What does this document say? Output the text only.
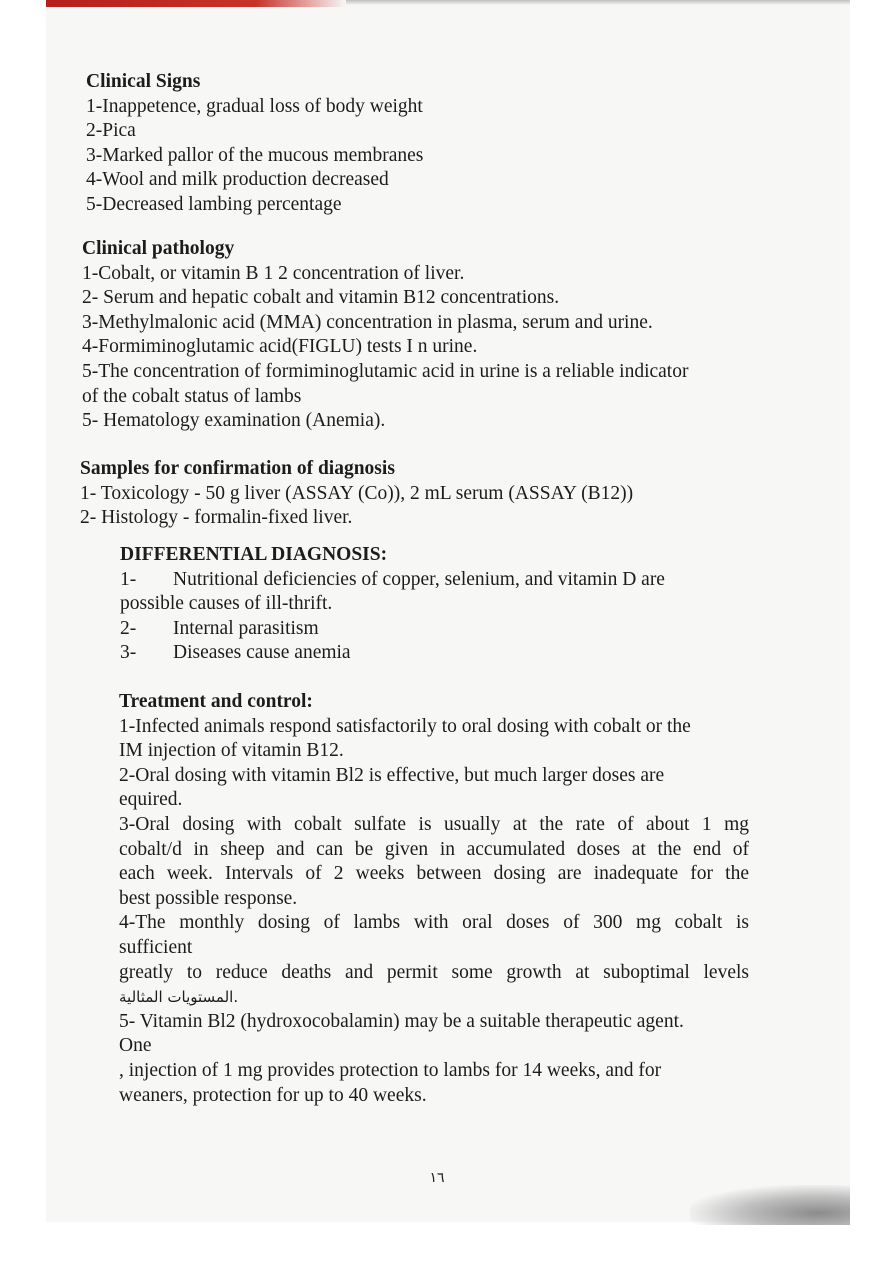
Clinical Signs
1-Inappetence, gradual loss of body weight
2-Pica
3-Marked pallor of the mucous membranes
4-Wool and milk production decreased
5-Decreased lambing percentage
Clinical pathology
1-Cobalt, or vitamin B 1 2 concentration of liver.
2- Serum and hepatic cobalt and vitamin B12 concentrations.
3-Methylmalonic acid (MMA) concentration in plasma, serum and urine.
4-Formiminoglutamic acid(FIGLU) tests I n urine.
5-The concentration of formiminoglutamic acid in urine is a reliable indicator
of the cobalt status of lambs
5- Hematology examination (Anemia).
Samples for confirmation of diagnosis
1- Toxicology - 50 g liver (ASSAY (Co)), 2 mL serum (ASSAY (B12))
2- Histology - formalin-fixed liver.
DIFFERENTIAL DIAGNOSIS:
1- Nutritional deficiencies of copper, selenium, and vitamin D are
possible causes of ill-thrift.
2- Internal parasitism
3- Diseases cause anemia
Treatment and control:
1-Infected animals respond satisfactorily to oral dosing with cobalt or the
IM injection of vitamin B12.
2-Oral dosing with vitamin Bl2 is effective, but much larger doses are
equired.
3-Oral dosing with cobalt sulfate is usually at the rate of about 1 mg
cobalt/d in sheep and can be given in accumulated doses at the end of
each week. Intervals of 2 weeks between dosing are inadequate for the
best possible response.
4-The monthly dosing of lambs with oral doses of 300 mg cobalt is
sufficient
greatly to reduce deaths and permit some growth at suboptimal levels
.المستويات المثالية
5- Vitamin Bl2 (hydroxocobalamin) may be a suitable therapeutic agent.
One
, injection of 1 mg provides protection to lambs for 14 weeks, and for
weaners, protection for up to 40 weeks.
١٦
